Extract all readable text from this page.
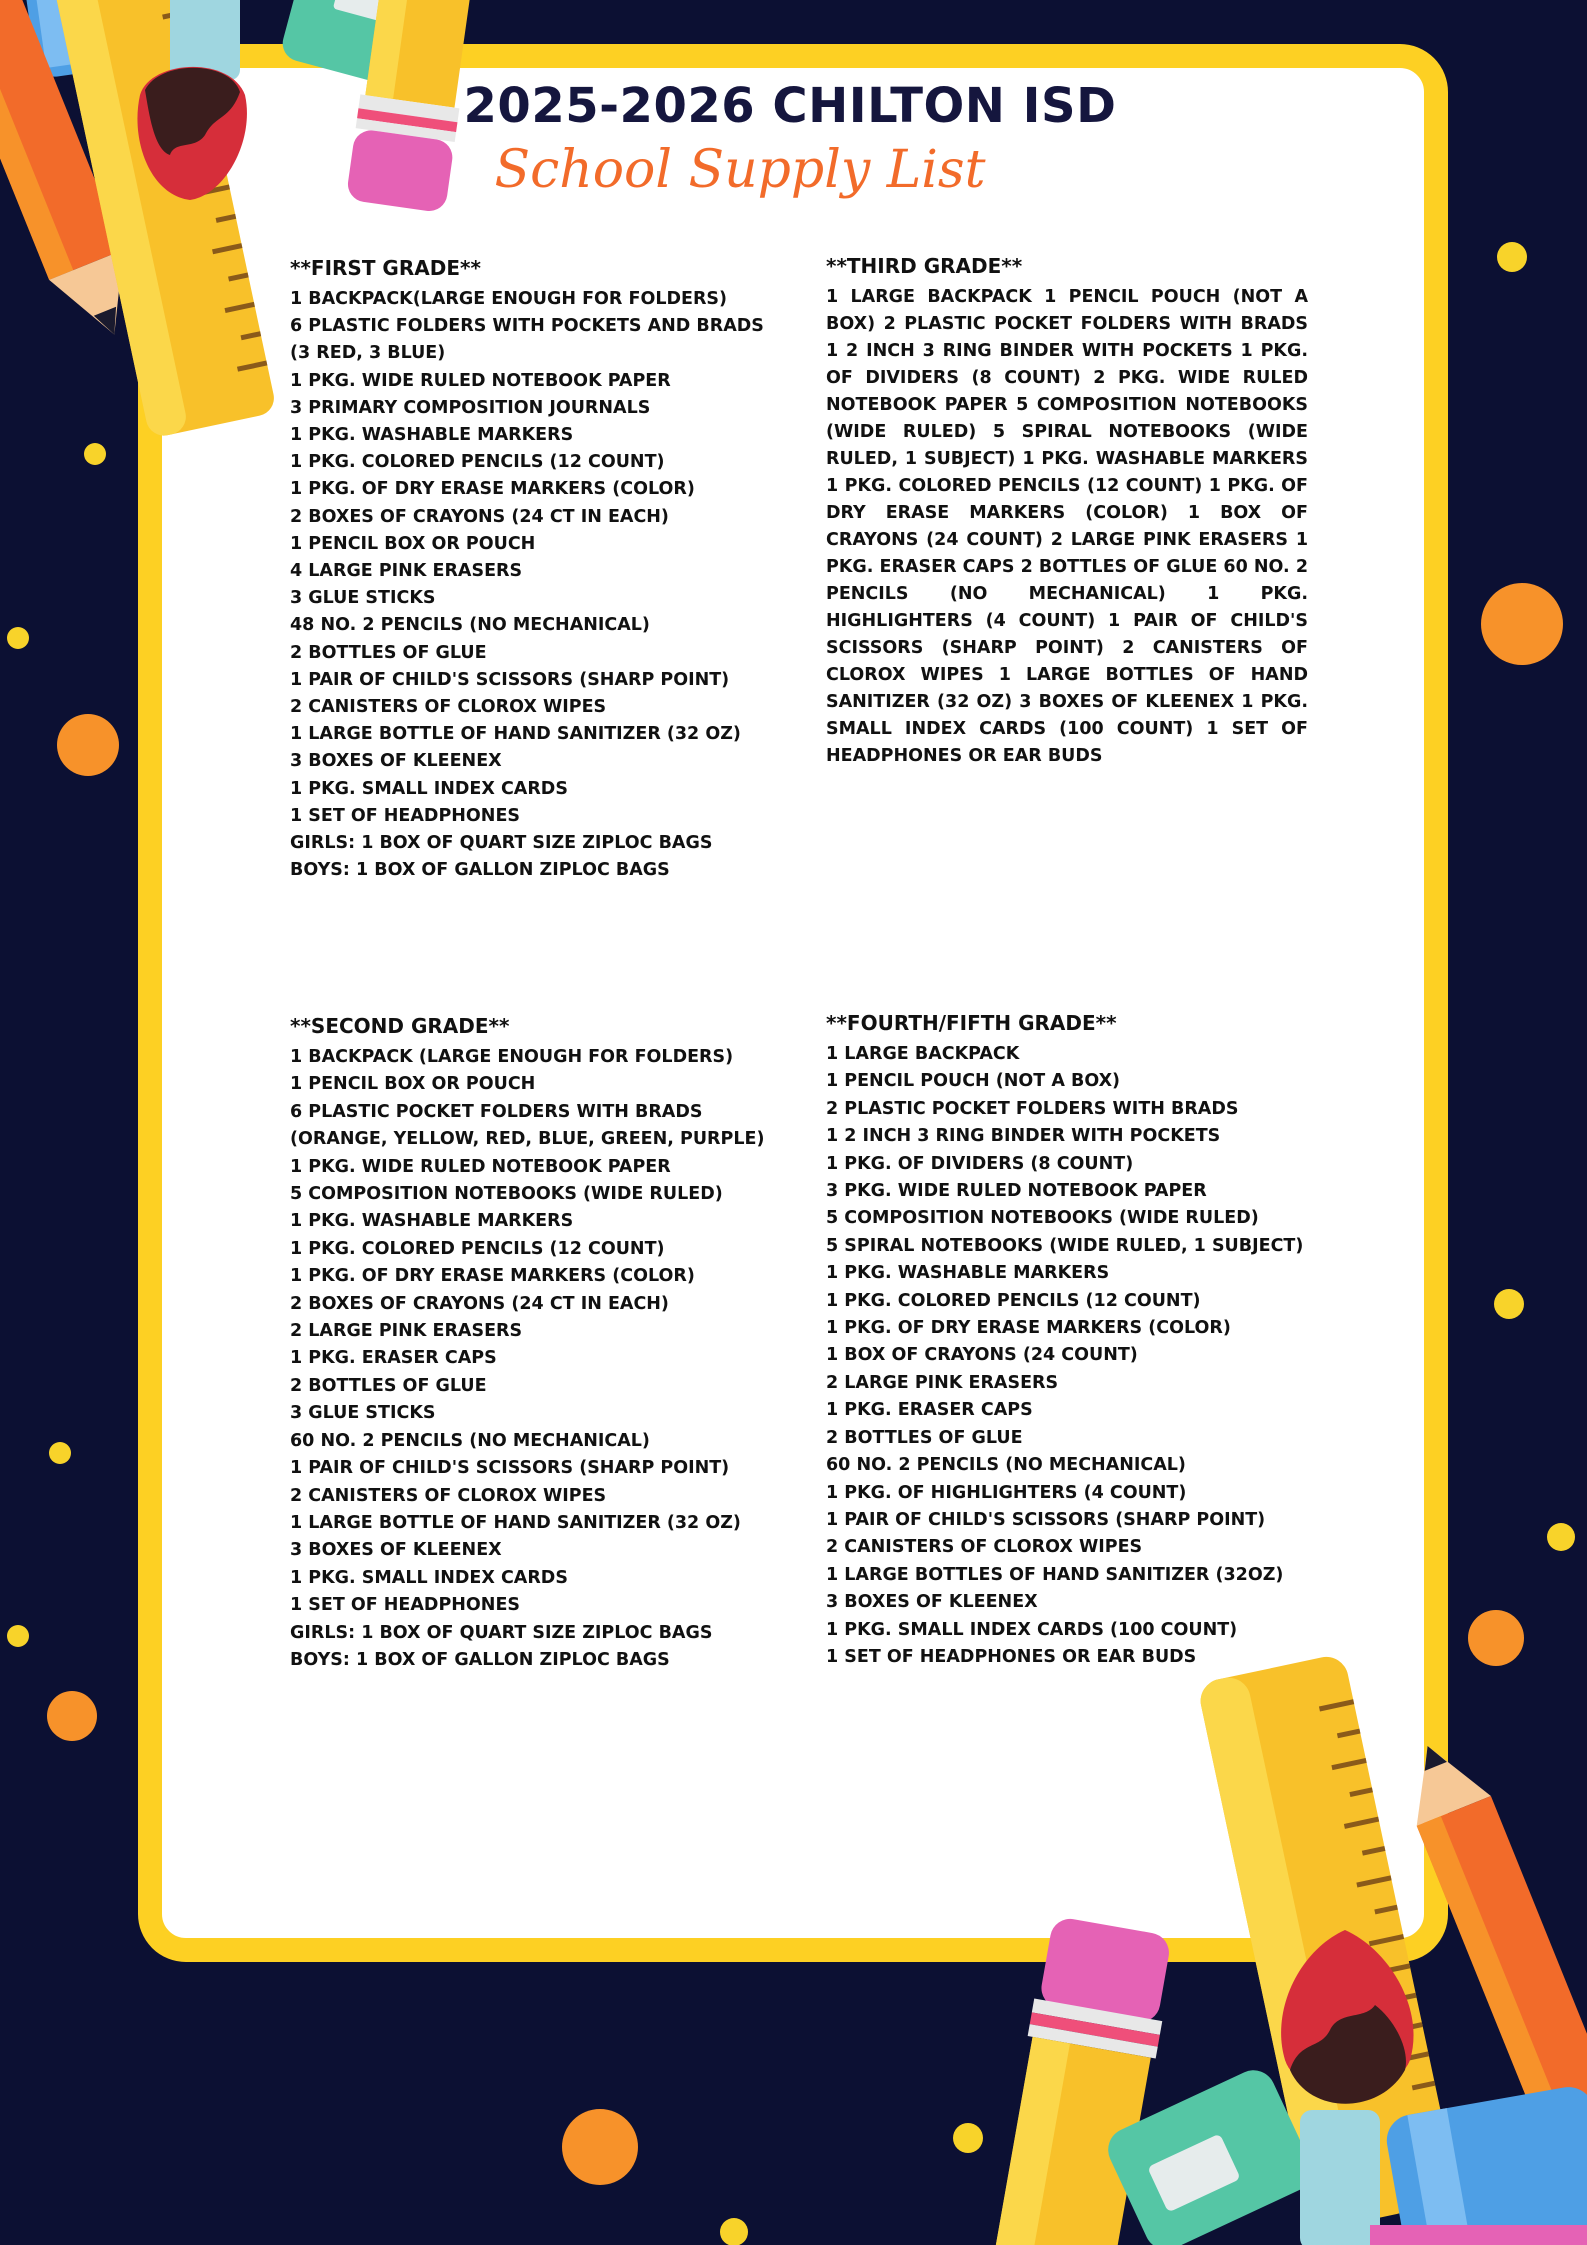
2025-2026 CHILTON ISD
School Supply List
**FIRST GRADE**
1 BACKPACK(LARGE ENOUGH FOR FOLDERS)
6 PLASTIC FOLDERS WITH POCKETS AND BRADS
(3 RED, 3 BLUE)
1 PKG. WIDE RULED NOTEBOOK PAPER
3 PRIMARY COMPOSITION JOURNALS
1 PKG. WASHABLE MARKERS
1 PKG. COLORED PENCILS (12 COUNT)
1 PKG. OF DRY ERASE MARKERS (COLOR)
2 BOXES OF CRAYONS (24 CT IN EACH)
1 PENCIL BOX OR POUCH
4 LARGE PINK ERASERS
3 GLUE STICKS
48 NO. 2 PENCILS (NO MECHANICAL)
2 BOTTLES OF GLUE
1 PAIR OF CHILD'S SCISSORS (SHARP POINT)
2 CANISTERS OF CLOROX WIPES
1 LARGE BOTTLE OF HAND SANITIZER (32 OZ)
3 BOXES OF KLEENEX
1 PKG. SMALL INDEX CARDS
1 SET OF HEADPHONES
GIRLS: 1 BOX OF QUART SIZE ZIPLOC BAGS
BOYS: 1 BOX OF GALLON ZIPLOC BAGS
**THIRD GRADE**

1 LARGE BACKPACK 1 PENCIL POUCH (NOT A BOX) 2 PLASTIC POCKET FOLDERS WITH BRADS 1 2 INCH 3 RING BINDER WITH POCKETS 1 PKG. OF DIVIDERS (8 COUNT) 2 PKG. WIDE RULED NOTEBOOK PAPER 5 COMPOSITION NOTEBOOKS (WIDE RULED) 5 SPIRAL NOTEBOOKS (WIDE RULED, 1 SUBJECT) 1 PKG. WASHABLE MARKERS 1 PKG. COLORED PENCILS (12 COUNT) 1 PKG. OF DRY ERASE MARKERS (COLOR) 1 BOX OF CRAYONS (24 COUNT) 2 LARGE PINK ERASERS 1 PKG. ERASER CAPS 2 BOTTLES OF GLUE 60 NO. 2 PENCILS (NO MECHANICAL) 1 PKG. HIGHLIGHTERS (4 COUNT) 1 PAIR OF CHILD'S SCISSORS (SHARP POINT) 2 CANISTERS OF CLOROX WIPES 1 LARGE BOTTLES OF HAND SANITIZER (32 OZ) 3 BOXES OF KLEENEX 1 PKG. SMALL INDEX CARDS (100 COUNT) 1 SET OF HEADPHONES OR EAR BUDS

**SECOND GRADE**
1 BACKPACK (LARGE ENOUGH FOR FOLDERS)
1 PENCIL BOX OR POUCH
6 PLASTIC POCKET FOLDERS WITH BRADS
(ORANGE, YELLOW, RED, BLUE, GREEN, PURPLE)
1 PKG. WIDE RULED NOTEBOOK PAPER
5 COMPOSITION NOTEBOOKS (WIDE RULED)
1 PKG. WASHABLE MARKERS
1 PKG. COLORED PENCILS (12 COUNT)
1 PKG. OF DRY ERASE MARKERS (COLOR)
2 BOXES OF CRAYONS (24 CT IN EACH)
2 LARGE PINK ERASERS
1 PKG. ERASER CAPS
2 BOTTLES OF GLUE
3 GLUE STICKS
60 NO. 2 PENCILS (NO MECHANICAL)
1 PAIR OF CHILD'S SCISSORS (SHARP POINT)
2 CANISTERS OF CLOROX WIPES
1 LARGE BOTTLE OF HAND SANITIZER (32 OZ)
3 BOXES OF KLEENEX
1 PKG. SMALL INDEX CARDS
1 SET OF HEADPHONES
GIRLS: 1 BOX OF QUART SIZE ZIPLOC BAGS
BOYS: 1 BOX OF GALLON ZIPLOC BAGS
**FOURTH/FIFTH GRADE**
1 LARGE BACKPACK
1 PENCIL POUCH (NOT A BOX)
2 PLASTIC POCKET FOLDERS WITH BRADS
1 2 INCH 3 RING BINDER WITH POCKETS
1 PKG. OF DIVIDERS (8 COUNT)
3 PKG. WIDE RULED NOTEBOOK PAPER
5 COMPOSITION NOTEBOOKS (WIDE RULED)
5 SPIRAL NOTEBOOKS (WIDE RULED, 1 SUBJECT)
1 PKG. WASHABLE MARKERS
1 PKG. COLORED PENCILS (12 COUNT)
1 PKG. OF DRY ERASE MARKERS (COLOR)
1 BOX OF CRAYONS (24 COUNT)
2 LARGE PINK ERASERS
1 PKG. ERASER CAPS
2 BOTTLES OF GLUE
60 NO. 2 PENCILS (NO MECHANICAL)
1 PKG. OF HIGHLIGHTERS (4 COUNT)
1 PAIR OF CHILD'S SCISSORS (SHARP POINT)
2 CANISTERS OF CLOROX WIPES
1 LARGE BOTTLES OF HAND SANITIZER (32OZ)
3 BOXES OF KLEENEX
1 PKG. SMALL INDEX CARDS (100 COUNT)
1 SET OF HEADPHONES OR EAR BUDS
